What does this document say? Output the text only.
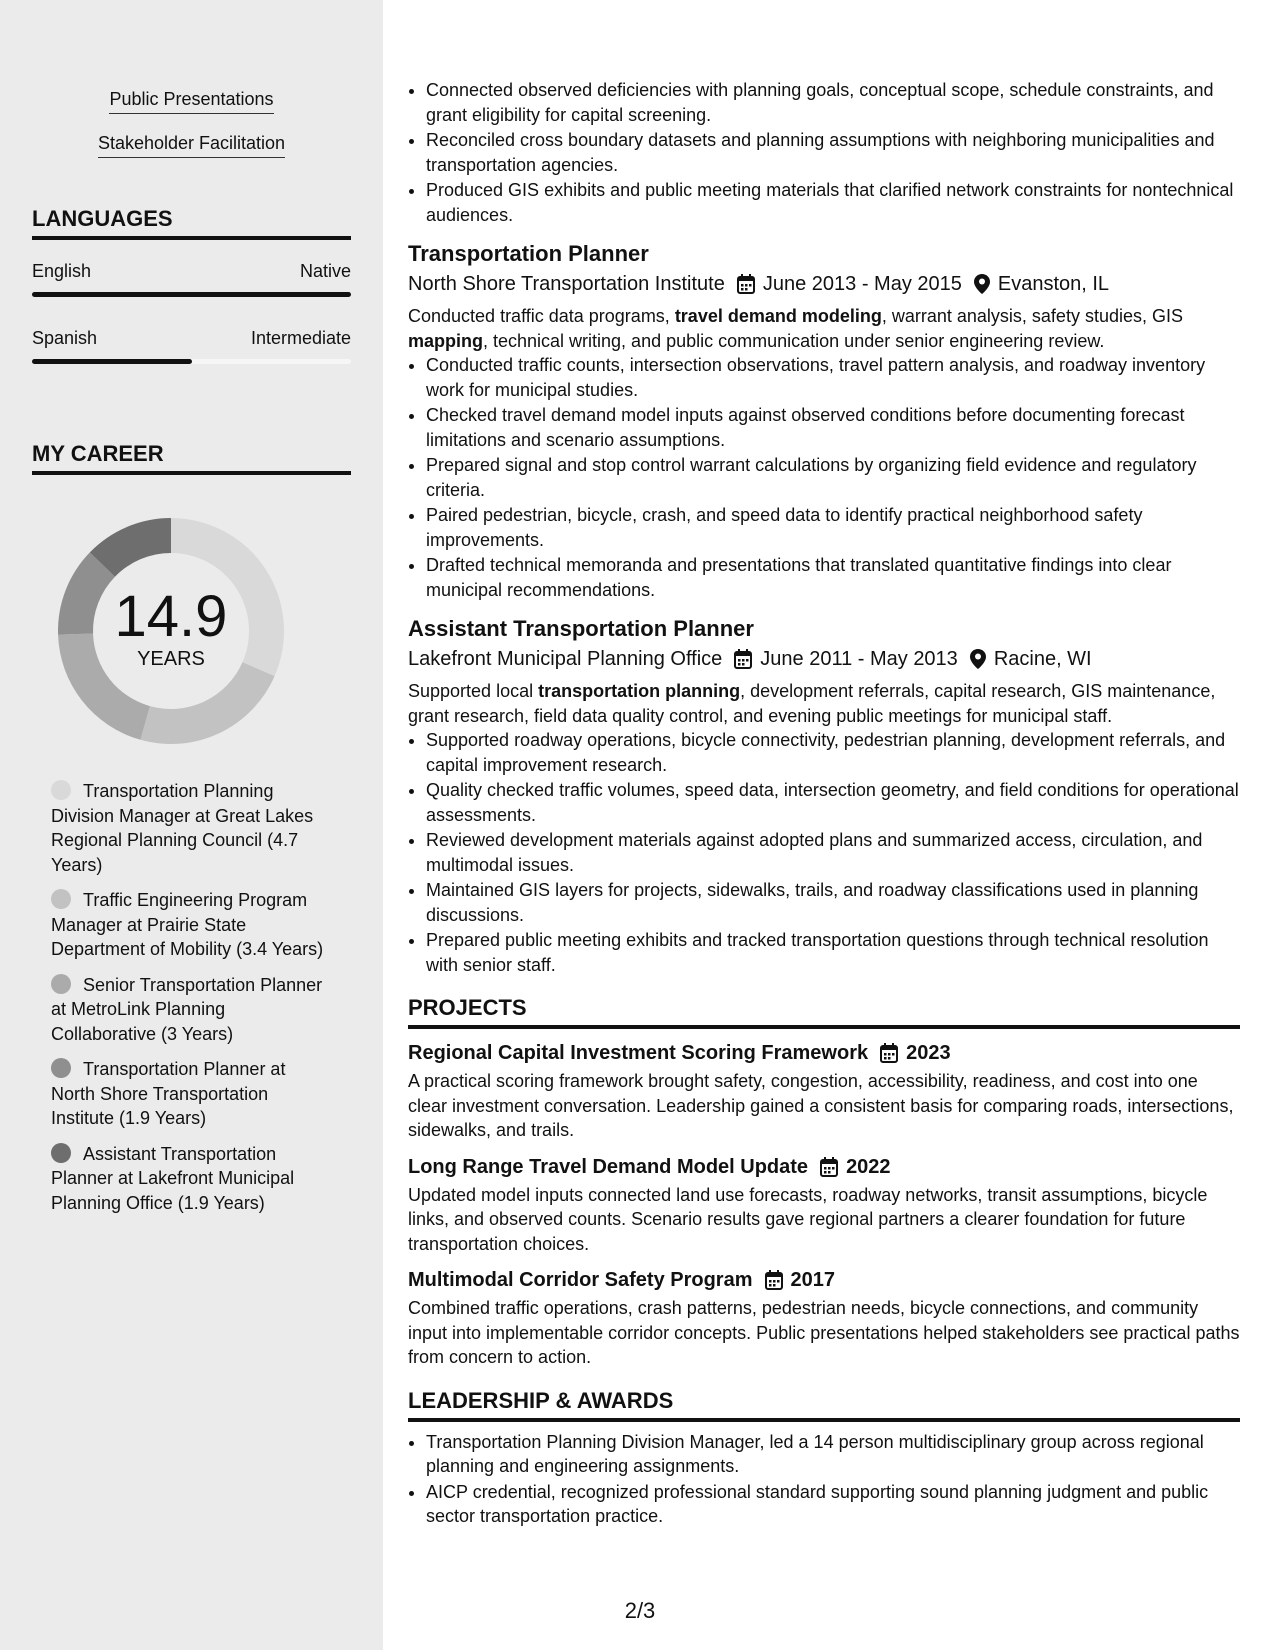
Public Presentations
Stakeholder Facilitation
LANGUAGES
English	Native
Spanish	Intermediate
MY CAREER
14.9
YEARS
Transportation Planning Division Manager at Great Lakes Regional Planning Council (4.7 Years)
Traffic Engineering Program Manager at Prairie State Department of Mobility (3.4 Years)
Senior Transportation Planner at MetroLink Planning Collaborative (3 Years)
Transportation Planner at North Shore Transportation Institute (1.9 Years)
Assistant Transportation Planner at Lakefront Municipal Planning Office (1.9 Years)
• Connected observed deficiencies with planning goals, conceptual scope, schedule constraints, and grant eligibility for capital screening.
• Reconciled cross boundary datasets and planning assumptions with neighboring municipalities and transportation agencies.
• Produced GIS exhibits and public meeting materials that clarified network constraints for nontechnical audiences.
Transportation Planner
North Shore Transportation Institute June 2013 - May 2015 Evanston, IL
Conducted traffic data programs, travel demand modeling, warrant analysis, safety studies, GIS mapping, technical writing, and public communication under senior engineering review.
• Conducted traffic counts, intersection observations, travel pattern analysis, and roadway inventory work for municipal studies.
• Checked travel demand model inputs against observed conditions before documenting forecast limitations and scenario assumptions.
• Prepared signal and stop control warrant calculations by organizing field evidence and regulatory criteria.
• Paired pedestrian, bicycle, crash, and speed data to identify practical neighborhood safety improvements.
• Drafted technical memoranda and presentations that translated quantitative findings into clear municipal recommendations.
Assistant Transportation Planner
Lakefront Municipal Planning Office June 2011 - May 2013 Racine, WI
Supported local transportation planning, development referrals, capital research, GIS maintenance, grant research, field data quality control, and evening public meetings for municipal staff.
• Supported roadway operations, bicycle connectivity, pedestrian planning, development referrals, and capital improvement research.
• Quality checked traffic volumes, speed data, intersection geometry, and field conditions for operational assessments.
• Reviewed development materials against adopted plans and summarized access, circulation, and multimodal issues.
• Maintained GIS layers for projects, sidewalks, trails, and roadway classifications used in planning discussions.
• Prepared public meeting exhibits and tracked transportation questions through technical resolution with senior staff.
PROJECTS
Regional Capital Investment Scoring Framework 2023
A practical scoring framework brought safety, congestion, accessibility, readiness, and cost into one clear investment conversation. Leadership gained a consistent basis for comparing roads, intersections, sidewalks, and trails.
Long Range Travel Demand Model Update 2022
Updated model inputs connected land use forecasts, roadway networks, transit assumptions, bicycle links, and observed counts. Scenario results gave regional partners a clearer foundation for future transportation choices.
Multimodal Corridor Safety Program 2017
Combined traffic operations, crash patterns, pedestrian needs, bicycle connections, and community input into implementable corridor concepts. Public presentations helped stakeholders see practical paths from concern to action.
LEADERSHIP & AWARDS
• Transportation Planning Division Manager, led a 14 person multidisciplinary group across regional planning and engineering assignments.
• AICP credential, recognized professional standard supporting sound planning judgment and public sector transportation practice.
2/3
